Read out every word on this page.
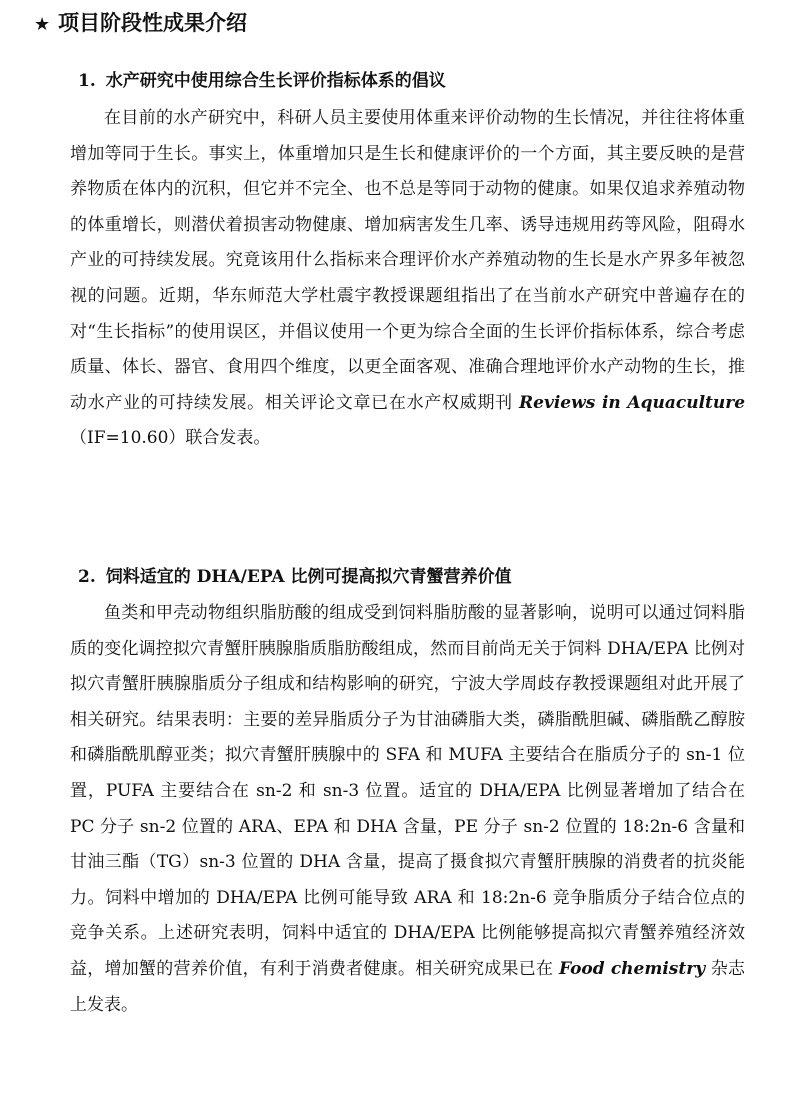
★ 项目阶段性成果介绍
1. 水产研究中使用综合生长评价指标体系的倡议

在目前的水产研究中，科研人员主要使用体重来评价动物的生长情况，并往往将体重增加等同于生长。事实上，体重增加只是生长和健康评价的一个方面，其主要反映的是营养物质在体内的沉积，但它并不完全、也不总是等同于动物的健康。如果仅追求养殖动物的体重增长，则潜伏着损害动物健康、增加病害发生几率、诱导违规用药等风险，阻碍水产业的可持续发展。究竟该用什么指标来合理评价水产养殖动物的生长是水产界多年被忽视的问题。近期，华东师范大学杜震宇教授课题组指出了在当前水产研究中普遍存在的对“生长指标”的使用误区，并倡议使用一个更为综合全面的生长评价指标体系，综合考虑质量、体长、器官、食用四个维度，以更全面客观、准确合理地评价水产动物的生长，推动水产业的可持续发展。相关评论文章已在水产权威期刊 Reviews in Aquaculture（IF=10.60）联合发表。

2. 饲料适宜的 DHA/EPA 比例可提高拟穴青蟹营养价值

鱼类和甲壳动物组织脂肪酸的组成受到饲料脂肪酸的显著影响，说明可以通过饲料脂质的变化调控拟穴青蟹肝胰腺脂质脂肪酸组成，然而目前尚无关于饲料 DHA/EPA 比例对拟穴青蟹肝胰腺脂质分子组成和结构影响的研究，宁波大学周歧存教授课题组对此开展了相关研究。结果表明：主要的差异脂质分子为甘油磷脂大类，磷脂酰胆碱、磷脂酰乙醇胺和磷脂酰肌醇亚类；拟穴青蟹肝胰腺中的 SFA 和 MUFA 主要结合在脂质分子的 sn-1 位置，PUFA 主要结合在 sn-2 和 sn-3 位置。适宜的 DHA/EPA 比例显著增加了结合在 PC 分子 sn-2 位置的 ARA、EPA 和 DHA 含量，PE 分子 sn-2 位置的 18:2n-6 含量和甘油三酯（TG）sn-3 位置的 DHA 含量，提高了摄食拟穴青蟹肝胰腺的消费者的抗炎能力。饲料中增加的 DHA/EPA 比例可能导致 ARA 和 18:2n-6 竞争脂质分子结合位点的竞争关系。上述研究表明，饲料中适宜的 DHA/EPA 比例能够提高拟穴青蟹养殖经济效益，增加蟹的营养价值，有利于消费者健康。相关研究成果已在 Food chemistry 杂志上发表。
